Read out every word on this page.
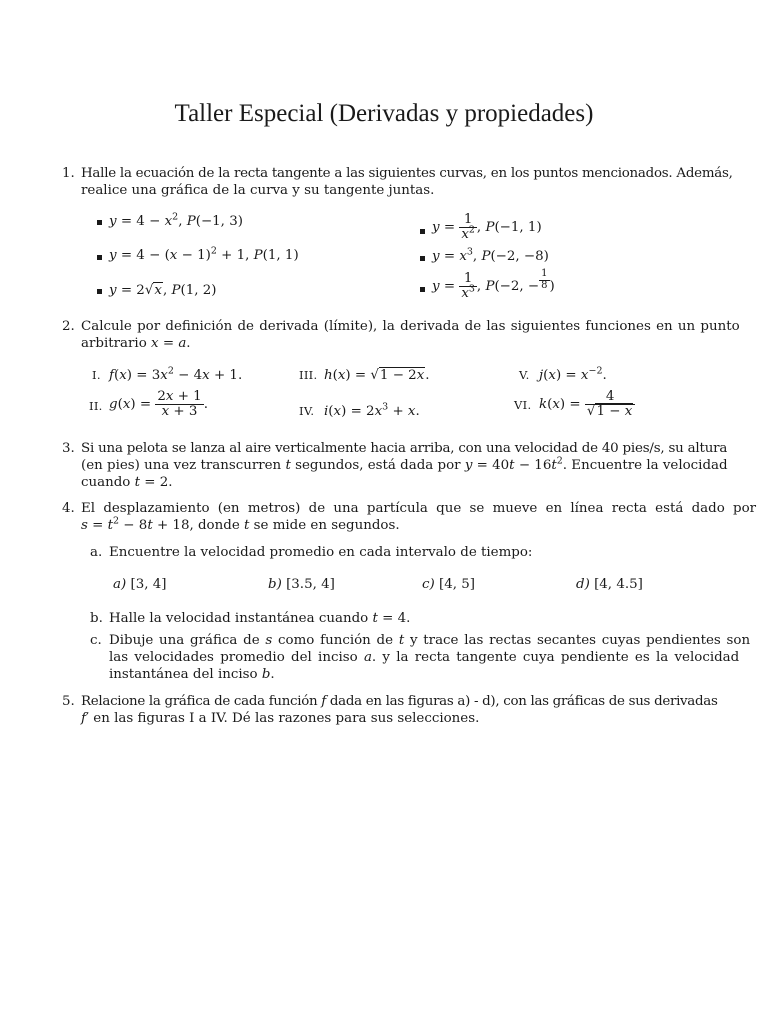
Taller Especial (Derivadas y propiedades)
1. Halle la ecuación de la recta tangente a las siguientes curvas, en los puntos mencionados. Además,
realice una gráfica de la curva y su tangente juntas.
$y = 4 - x^2$, P(−1, 3)
$y = 4 - (x - 1)^2 + 1$, P(1, 1)
y = 2√x, P(1, 2)
$y = \frac{1}{x^2}$ , P(−1, 1)
$y = x^3$, P(−2, −8)
$y = \frac{1}{x^3}$ , P(−2, − $\frac{1}{8}$ )
2. Calcule por definición de derivada (límite), la derivada de las siguientes funciones en un punto
arbitrario x = a.
I. $f(x) = 3x^2 - 4x + 1$.
II. $g(x) = \frac{2x + 1}{x + 3}$ .
III. h(x) = √1 − 2x.
IV. $i(x) = 2x^3 + x$.
V. $j(x) = x^{-2}$.
VI. $k(x) = \frac{4}{√1 - x}$
3. Si una pelota se lanza al aire verticalmente hacia arriba, con una velocidad de 40 pies/s, su altura
(en pies) una vez transcurren t segundos, está dada por $y = 40t - 16t^2$. Encuentre la velocidad
cuando t = 2.
4. El desplazamiento (en metros) de una partícula que se mueve en línea recta está dado por
$s = t^2 - 8t + 18$, donde t se mide en segundos.
a. Encuentre la velocidad promedio en cada intervalo de tiempo:
a) [3, 4]	b) [3.5, 4]	c) [4, 5]	d) [4, 4.5]
b. Halle la velocidad instantánea cuando t = 4.
c. Dibuje una gráfica de s como función de t y trace las rectas secantes cuyas pendientes son
las velocidades promedio del inciso a. y la recta tangente cuya pendiente es la velocidad
instantánea del inciso b.
5. Relacione la gráfica de cada función f dada en las figuras a) - d), con las gráficas de sus derivadas
f′ en las figuras I a IV. Dé las razones para sus selecciones.
